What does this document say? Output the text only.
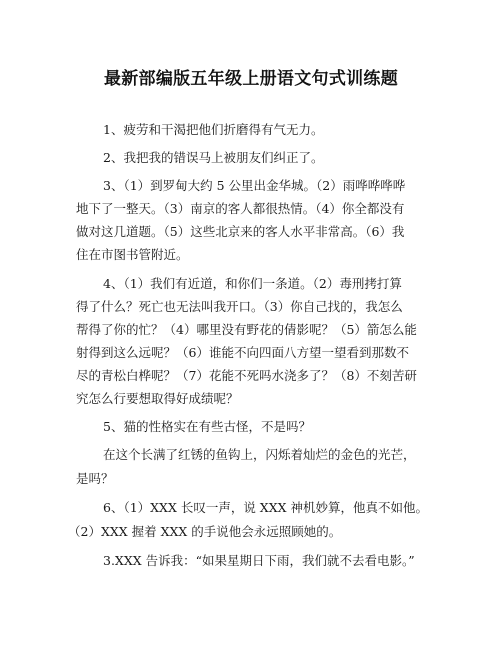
最新部编版五年级上册语文句式训练题
1、疲劳和干渴把他们折磨得有气无力。
2、我把我的错误马上被朋友们纠正了。
3、（1）到罗甸大约 5 公里出金华城。（2）雨哗哗哗哗
地下了一整天。（3）南京的客人都很热情。（4）你全都没有
做对这几道题。（5）这些北京来的客人水平非常高。（6）我
住在市图书管附近。
4、（1）我们有近道，和你们一条道。（2）毒刑拷打算
得了什么？死亡也无法叫我开口。（3）你自己找的，我怎么
帮得了你的忙？（4）哪里没有野花的倩影呢？（5）箭怎么能
射得到这么远呢？（6）谁能不向四面八方望一望看到那数不
尽的青松白桦呢？（7）花能不死吗水浇多了？（8）不刻苦研
究怎么行要想取得好成绩呢？
5、猫的性格实在有些古怪，不是吗？
在这个长满了红锈的鱼钩上，闪烁着灿烂的金色的光芒，
是吗？
6、（1）XXX 长叹一声，说 XXX 神机妙算，他真不如他。
（2）XXX 握着 XXX 的手说他会永远照顾她的。
3.XXX 告诉我：“如果星期日下雨，我们就不去看电影。”
